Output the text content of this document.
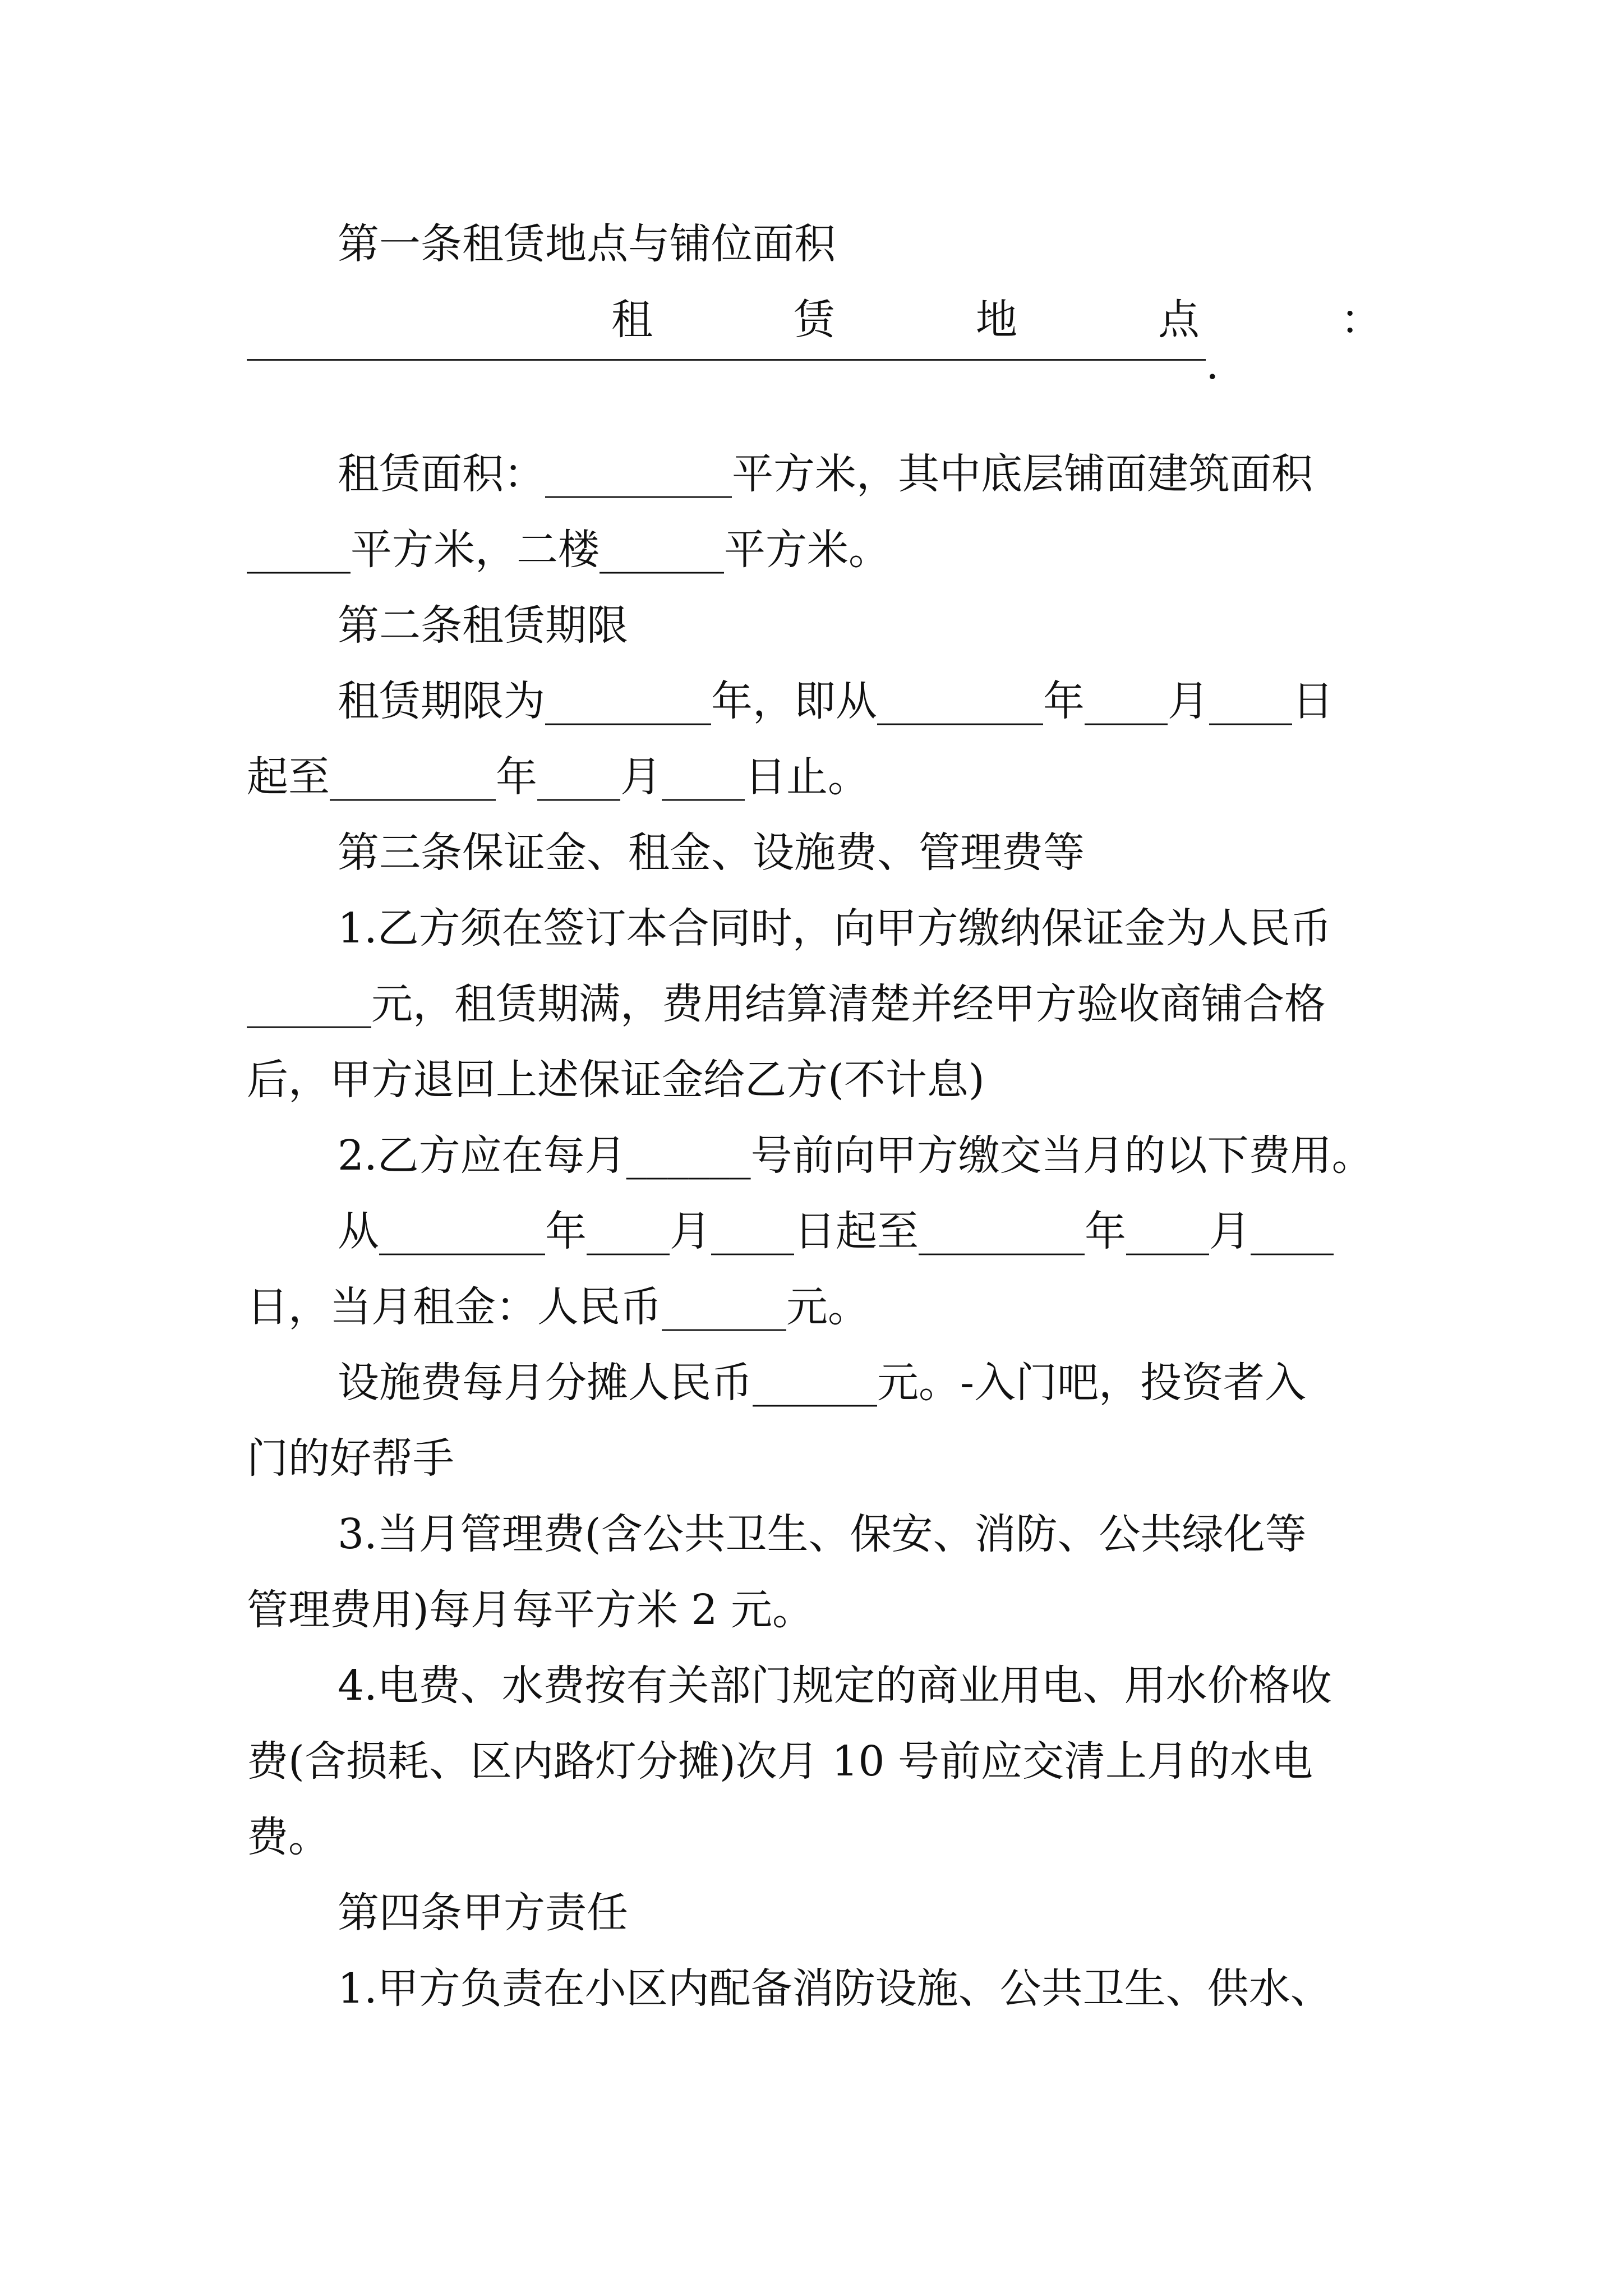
第一条租赁地点与铺位面积
租	赁	地	点	：
.
租赁面积：_________平方米，其中底层铺面建筑面积
_____平方米，二楼______平方米。
第二条租赁期限
租赁期限为________年，即从________年____月____日
起至________年____月____日止。
第三条保证金、租金、设施费、管理费等
1.乙方须在签订本合同时，向甲方缴纳保证金为人民币
______元，租赁期满，费用结算清楚并经甲方验收商铺合格
后，甲方退回上述保证金给乙方(不计息)
2.乙方应在每月______号前向甲方缴交当月的以下费用。
从________年____月____日起至________年____月____
日，当月租金：人民币______元。
设施费每月分摊人民币______元。-入门吧，投资者入
门的好帮手
3.当月管理费(含公共卫生、保安、消防、公共绿化等
管理费用)每月每平方米 2 元。
4.电费、水费按有关部门规定的商业用电、用水价格收
费(含损耗、区内路灯分摊)次月 10 号前应交清上月的水电
费。
第四条甲方责任
1.甲方负责在小区内配备消防设施、公共卫生、供水、
